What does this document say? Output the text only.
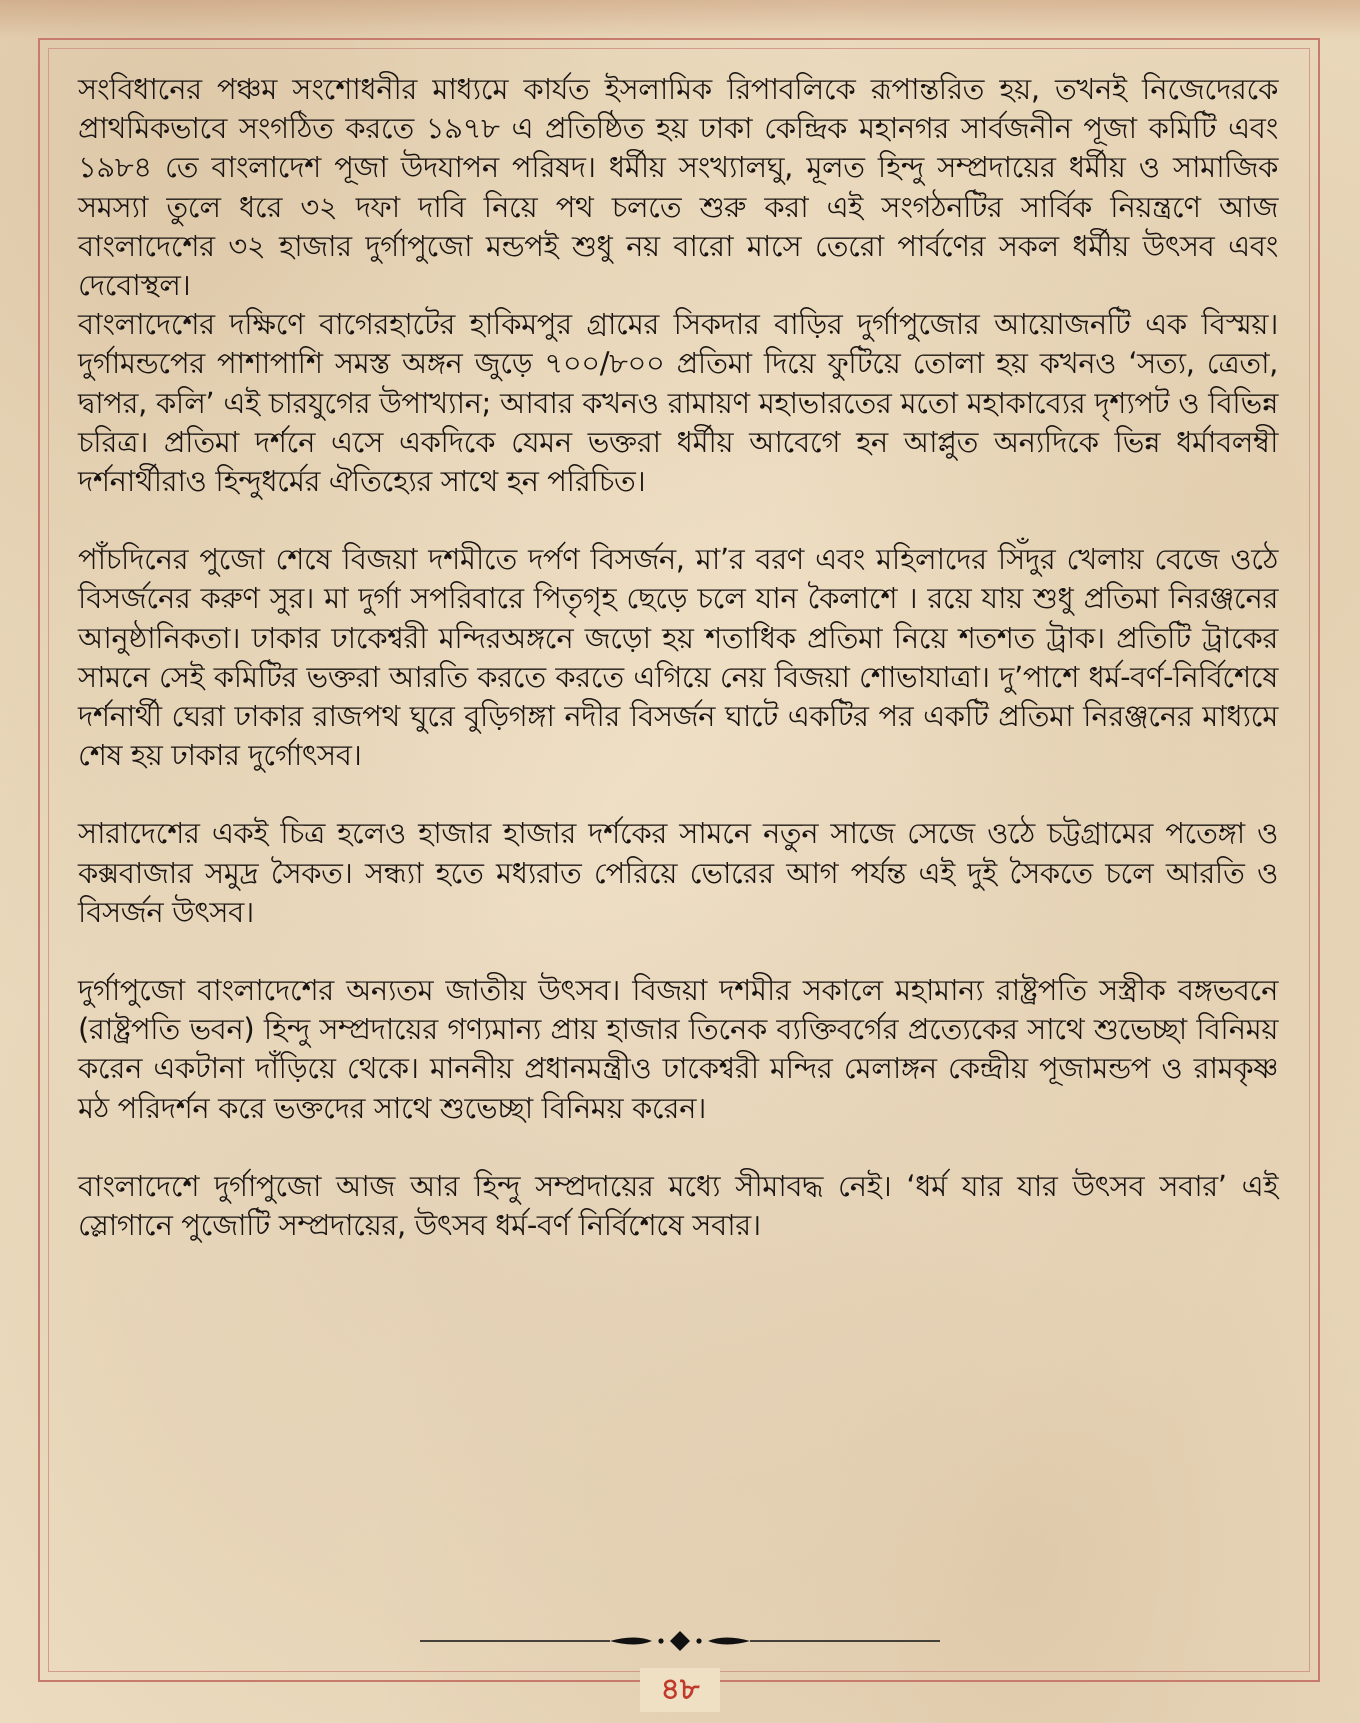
সংবিধানের পঞ্চম সংশোধনীর মাধ্যমে কার্যত ইসলামিক রিপাবলিকে রূপান্তরিত হয়, তখনই নিজেদেরকে প্রাথমিকভাবে সংগঠিত করতে ১৯৭৮ এ প্রতিষ্ঠিত হয় ঢাকা কেন্দ্রিক মহানগর সার্বজনীন পূজা কমিটি এবং ১৯৮৪ তে বাংলাদেশ পূজা উদযাপন পরিষদ। ধর্মীয় সংখ্যালঘু, মূলত হিন্দু সম্প্রদায়ের ধর্মীয় ও সামাজিক সমস্যা তুলে ধরে ৩২ দফা দাবি নিয়ে পথ চলতে শুরু করা এই সংগঠনটির সার্বিক নিয়ন্ত্রণে আজ বাংলাদেশের ৩২ হাজার দুর্গাপুজো মন্ডপই শুধু নয় বারো মাসে তেরো পার্বণের সকল ধর্মীয় উৎসব এবং দেবোস্থল।

বাংলাদেশের দক্ষিণে বাগেরহাটের হাকিমপুর গ্রামের সিকদার বাড়ির দুর্গাপুজোর আয়োজনটি এক বিস্ময়। দুর্গামন্ডপের পাশাপাশি সমস্ত অঙ্গন জুড়ে ৭০০/৮০০ প্রতিমা দিয়ে ফুটিয়ে তোলা হয় কখনও ‘সত্য, ত্রেতা, দ্বাপর, কলি’ এই চারযুগের উপাখ্যান; আবার কখনও রামায়ণ মহাভারতের মতো মহাকাব্যের দৃশ্যপট ও বিভিন্ন চরিত্র। প্রতিমা দর্শনে এসে একদিকে যেমন ভক্তরা ধর্মীয় আবেগে হন আপ্লুত অন্যদিকে ভিন্ন ধর্মাবলম্বী দর্শনার্থীরাও হিন্দুধর্মের ঐতিহ্যের সাথে হন পরিচিত।

পাঁচদিনের পুজো শেষে বিজয়া দশমীতে দর্পণ বিসর্জন, মা’র বরণ এবং মহিলাদের সিঁদুর খেলায় বেজে ওঠে বিসর্জনের করুণ সুর। মা দুর্গা সপরিবারে পিতৃগৃহ ছেড়ে চলে যান কৈলাশে । রয়ে যায় শুধু প্রতিমা নিরঞ্জনের আনুষ্ঠানিকতা। ঢাকার ঢাকেশ্বরী মন্দিরঅঙ্গনে জড়ো হয় শতাধিক প্রতিমা নিয়ে শতশত ট্রাক। প্রতিটি ট্রাকের সামনে সেই কমিটির ভক্তরা আরতি করতে করতে এগিয়ে নেয় বিজয়া শোভাযাত্রা। দু’পাশে ধর্ম-বর্ণ-নির্বিশেষে দর্শনার্থী ঘেরা ঢাকার রাজপথ ঘুরে বুড়িগঙ্গা নদীর বিসর্জন ঘাটে একটির পর একটি প্রতিমা নিরঞ্জনের মাধ্যমে শেষ হয় ঢাকার দুর্গোৎসব।

সারাদেশের একই চিত্র হলেও হাজার হাজার দর্শকের সামনে নতুন সাজে সেজে ওঠে চট্টগ্রামের পতেঙ্গা ও কক্সবাজার সমুদ্র সৈকত। সন্ধ্যা হতে মধ্যরাত পেরিয়ে ভোরের আগ পর্যন্ত এই দুই সৈকতে চলে আরতি ও বিসর্জন উৎসব।

দুর্গাপুজো বাংলাদেশের অন্যতম জাতীয় উৎসব। বিজয়া দশমীর সকালে মহামান্য রাষ্ট্রপতি সস্ত্রীক বঙ্গভবনে (রাষ্ট্রপতি ভবন) হিন্দু সম্প্রদায়ের গণ্যমান্য প্রায় হাজার তিনেক ব্যক্তিবর্গের প্রত্যেকের সাথে শুভেচ্ছা বিনিময় করেন একটানা দাঁড়িয়ে থেকে। মাননীয় প্রধানমন্ত্রীও ঢাকেশ্বরী মন্দির মেলাঙ্গন কেন্দ্রীয় পূজামন্ডপ ও রামকৃষ্ণ মঠ পরিদর্শন করে ভক্তদের সাথে শুভেচ্ছা বিনিময় করেন।

বাংলাদেশে দুর্গাপুজো আজ আর হিন্দু সম্প্রদায়ের মধ্যে সীমাবদ্ধ নেই। ‘ধর্ম যার যার উৎসব সবার’ এই স্লোগানে পুজোটি সম্প্রদায়ের, উৎসব ধর্ম-বর্ণ নির্বিশেষে সবার।

৪৮
